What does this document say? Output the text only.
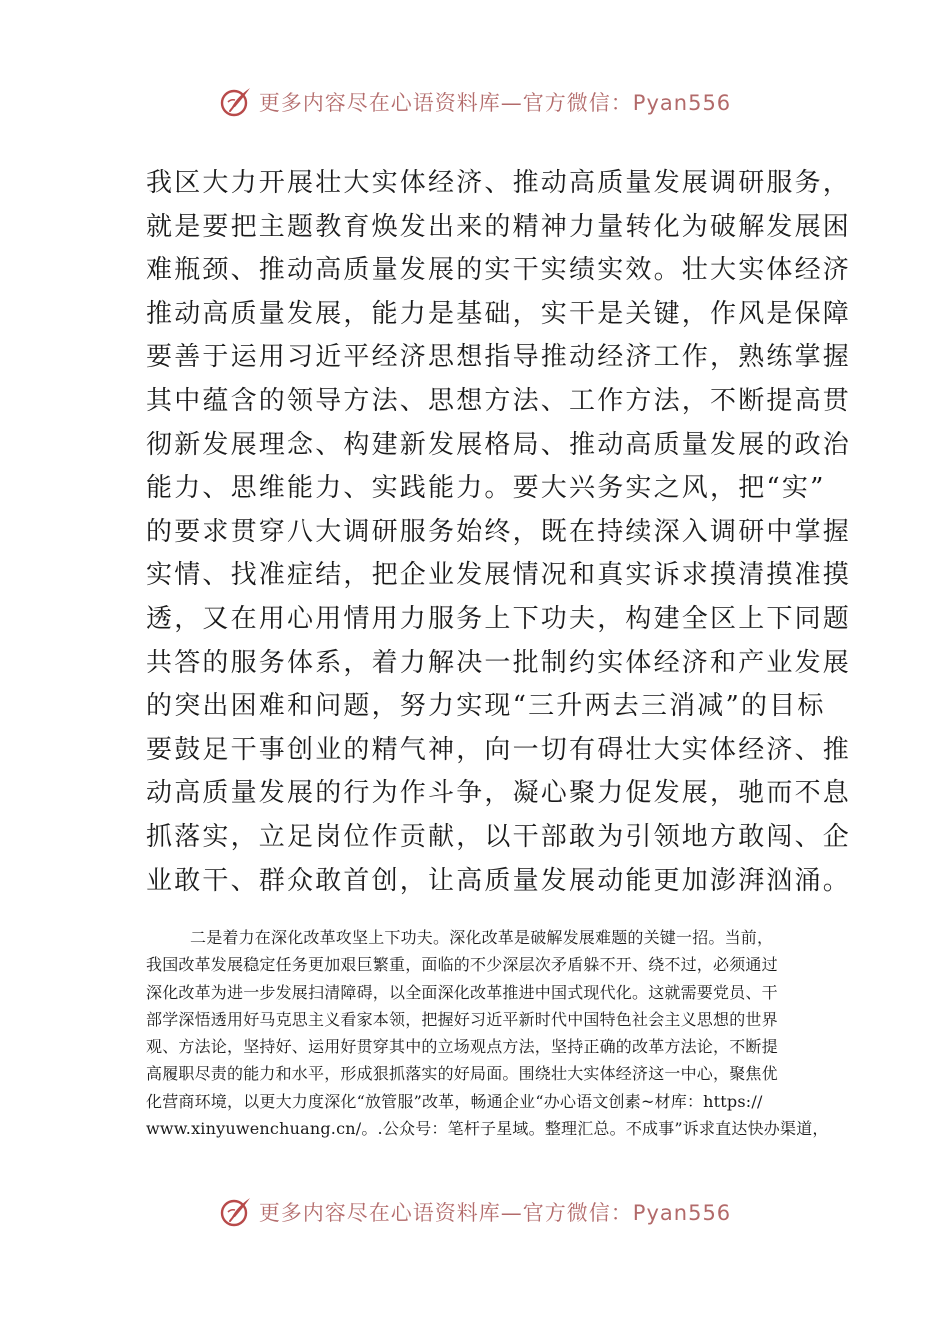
更多内容尽在心语资料库—官方微信：Pyan556
我区大力开展壮大实体经济、推动高质量发展调研服务，
就是要把主题教育焕发出来的精神力量转化为破解发展困
难瓶颈、推动高质量发展的实干实绩实效。壮大实体经济
推动高质量发展，能力是基础，实干是关键，作风是保障
要善于运用习近平经济思想指导推动经济工作，熟练掌握
其中蕴含的领导方法、思想方法、工作方法，不断提高贯
彻新发展理念、构建新发展格局、推动高质量发展的政治
能力、思维能力、实践能力。要大兴务实之风，把“实”
的要求贯穿八大调研服务始终，既在持续深入调研中掌握
实情、找准症结，把企业发展情况和真实诉求摸清摸准摸
透，又在用心用情用力服务上下功夫，构建全区上下同题
共答的服务体系，着力解决一批制约实体经济和产业发展
的突出困难和问题，努力实现“三升两去三消减”的目标
要鼓足干事创业的精气神，向一切有碍壮大实体经济、推
动高质量发展的行为作斗争，凝心聚力促发展，驰而不息
抓落实，立足岗位作贡献，以干部敢为引领地方敢闯、企
业敢干、群众敢首创，让高质量发展动能更加澎湃汹涌。
二是着力在深化改革攻坚上下功夫。深化改革是破解发展难题的关键一招。当前，
我国改革发展稳定任务更加艰巨繁重，面临的不少深层次矛盾躲不开、绕不过，必须通过
深化改革为进一步发展扫清障碍，以全面深化改革推进中国式现代化。这就需要党员、干
部学深悟透用好马克思主义看家本领，把握好习近平新时代中国特色社会主义思想的世界
观、方法论，坚持好、运用好贯穿其中的立场观点方法，坚持正确的改革方法论，不断提
高履职尽责的能力和水平，形成狠抓落实的好局面。围绕壮大实体经济这一中心，聚焦优
化营商环境，以更大力度深化“放管服”改革，畅通企业“办心语文创素~材库：https://
www.xinyuwenchuang.cn/。.公众号：笔杆子星域。整理汇总。不成事”诉求直达快办渠道，
更多内容尽在心语资料库—官方微信：Pyan556
